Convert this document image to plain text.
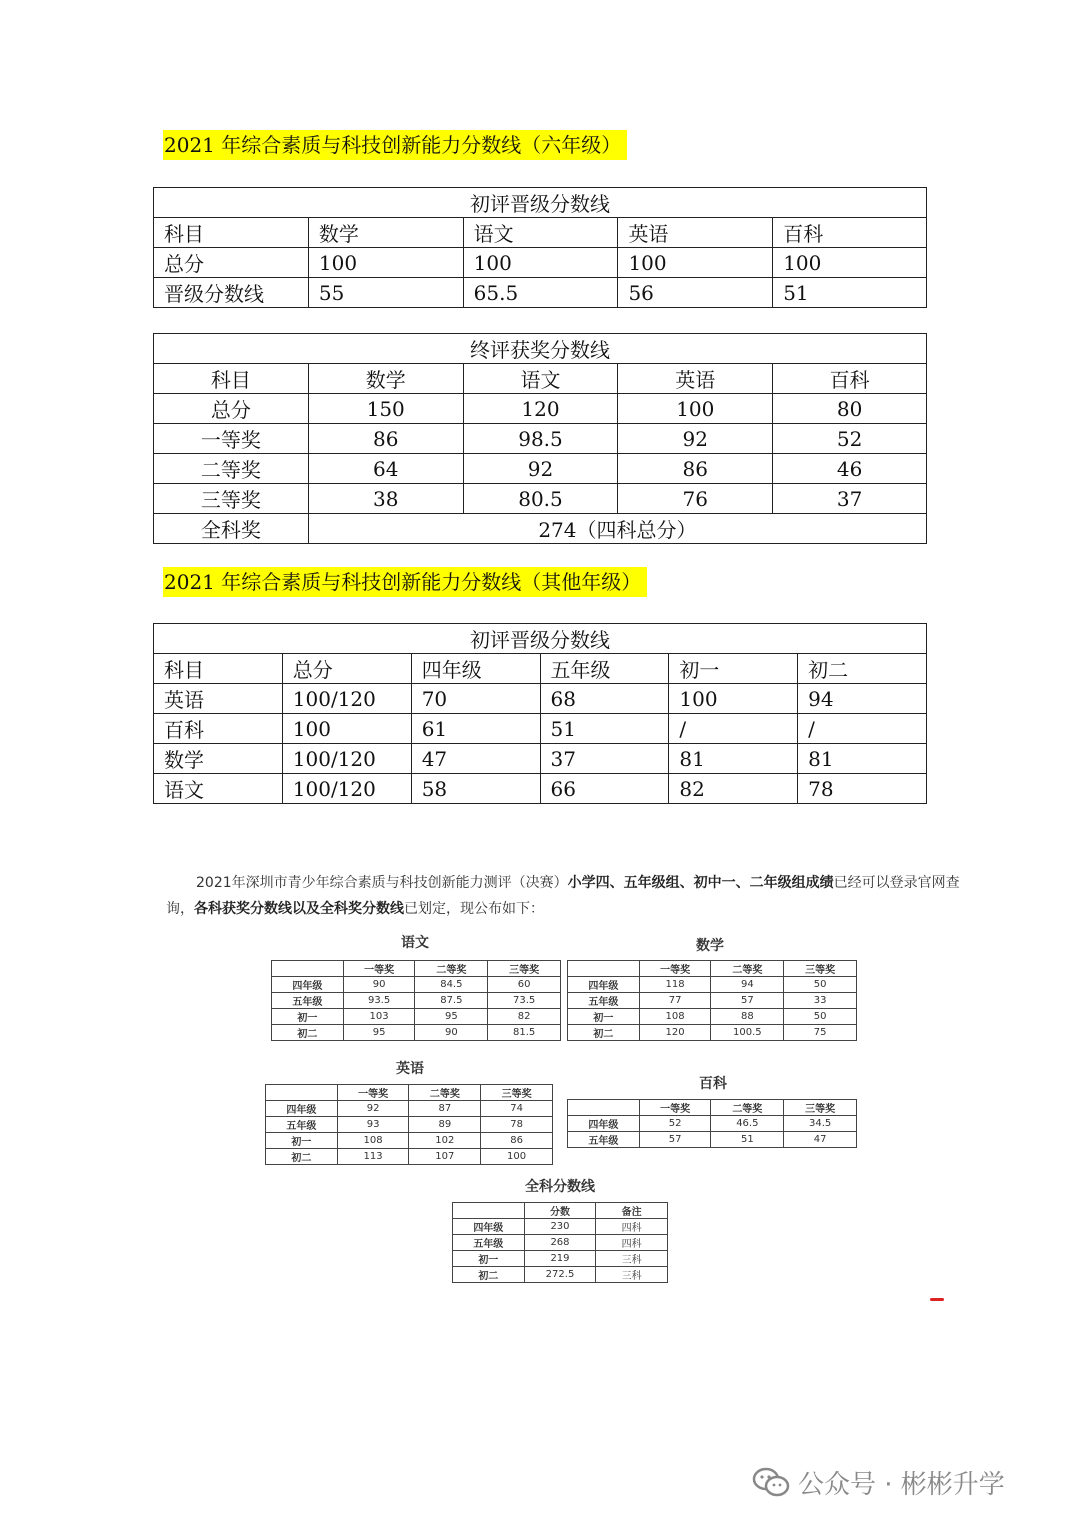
2021 年综合素质与科技创新能力分数线（六年级）
初评晋级分数线				
科目	数学	语文	英语	百科
总分	100	100	100	100
晋级分数线	55	65.5	56	51
终评获奖分数线				
科目	数学	语文	英语	百科
总分	150	120	100	80
一等奖	86	98.5	92	52
二等奖	64	92	86	46
三等奖	38	80.5	76	37
全科奖	274（四科总分）			
2021 年综合素质与科技创新能力分数线（其他年级）
初评晋级分数线					
科目	总分	四年级	五年级	初一	初二
英语	100/120	70	68	100	94
百科	100	61	51	/	/
数学	100/120	47	37	81	81
语文	100/120	58	66	82	78
2021年深圳市青少年综合素质与科技创新能力测评（决赛）小学四、五年级组、初中一、二年级组成绩已经可以登录官网查询，各科获奖分数线以及全科奖分数线已划定，现公布如下：
语文
	一等奖	二等奖	三等奖
四年级	90	84.5	60
五年级	93.5	87.5	73.5
初一	103	95	82
初二	95	90	81.5
数学
	一等奖	二等奖	三等奖
四年级	118	94	50
五年级	77	57	33
初一	108	88	50
初二	120	100.5	75
英语
	一等奖	二等奖	三等奖
四年级	92	87	74
五年级	93	89	78
初一	108	102	86
初二	113	107	100
百科
	一等奖	二等奖	三等奖
四年级	52	46.5	34.5
五年级	57	51	47
全科分数线
	分数	备注
四年级	230	四科
五年级	268	四科
初一	219	三科
初二	272.5	三科
公众号 · 彬彬升学
